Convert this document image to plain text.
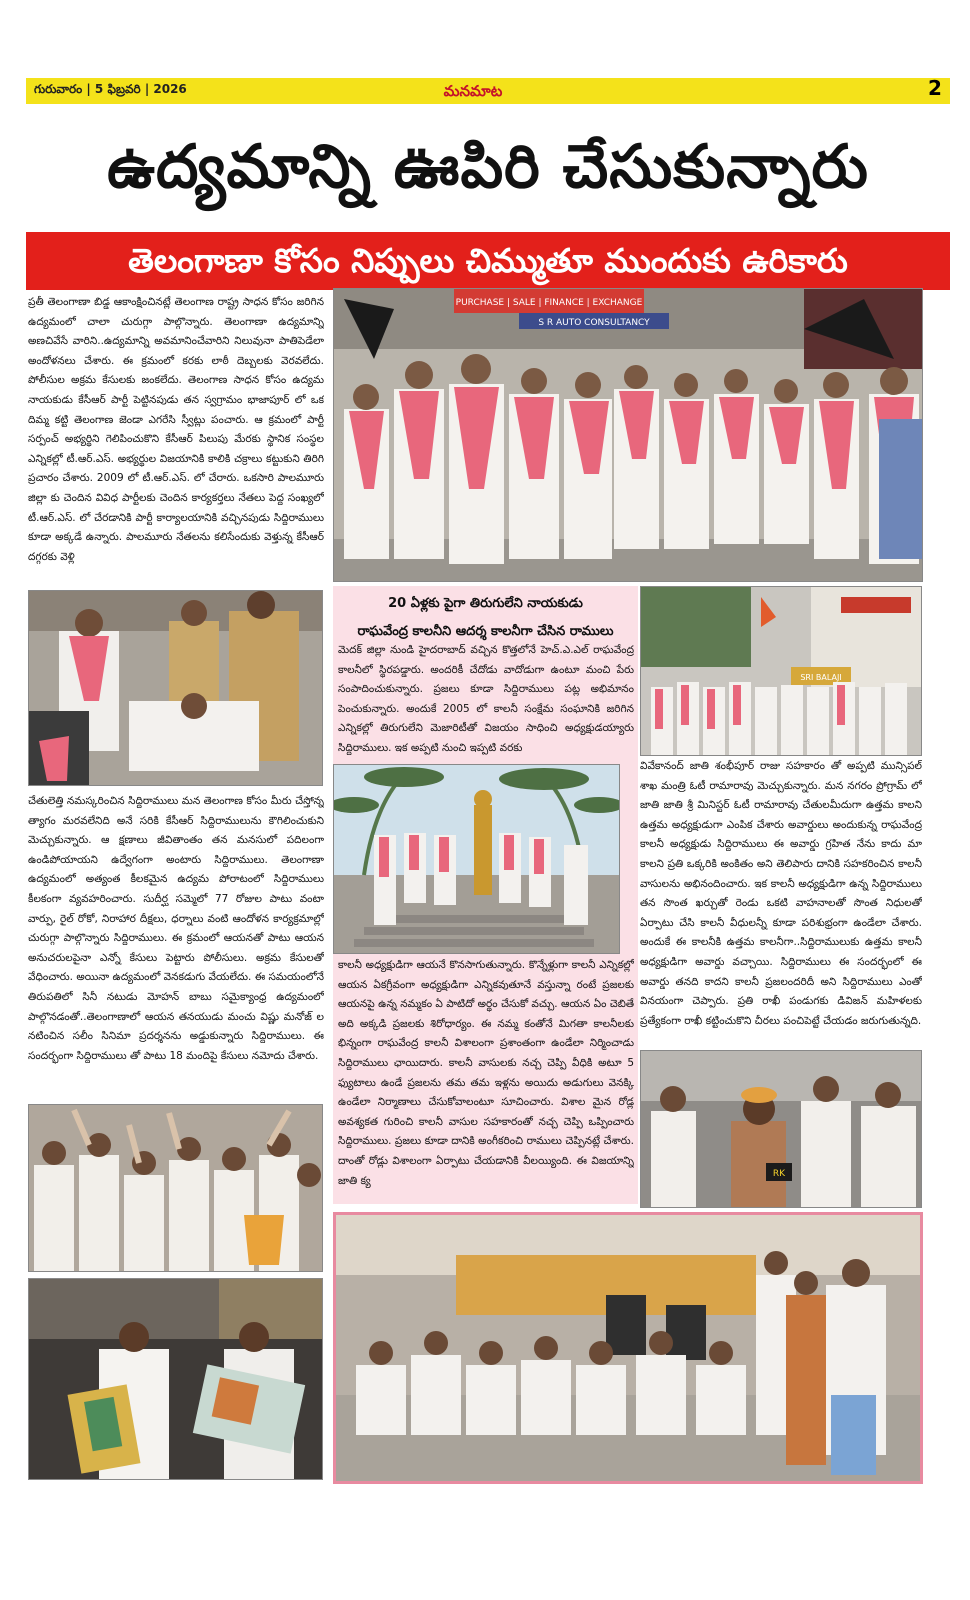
గురువారం | 5 ఫిబ్రవరి | 2026	మనమాట	2
ఉద్యమాన్ని ఊపిరి చేసుకున్నారు
తెలంగాణా కోసం నిప్పులు చిమ్ముతూ ముందుకు ఉరికారు
ప్రతీ తెలంగాణా బిడ్డ ఆకాంక్షించినట్లే తెలంగాణ రాష్ట్ర సాధన కోసం జరిగిన ఉద్యమంలో చాలా చురుగ్గా పాల్గొన్నారు. తెలంగాణా ఉద్యమాన్ని అణచివేసే వారిని..ఉద్యమాన్ని అవమానించేవారిని నిలువునా పాతిపెడేలా అందోళనలు చేశారు. ఈ క్రమంలో కరకు లాఠీ దెబ్బలకు వెరవలేదు. పోలీసుల అక్రమ కేసులకు జంకలేదు. తెలంగాణ సాధన కోసం ఉద్యమ నాయకుడు కేసీఆర్ పార్టీ పెట్టినపుడు తన స్వగ్రామం భాజాపూర్ లో ఒక దిమ్మ కట్టి తెలంగాణ జెండా ఎగరేసి స్వీట్లు పంచారు. ఆ క్రమంలో పార్టీ సర్పంచ్ అభ్యర్థిని గెలిపించుకొని కేసీఆర్ పిలుపు మేరకు స్థానిక సంస్థల ఎన్నికల్లో టీ.ఆర్.ఎస్. అభ్యర్థుల విజయానికి కాలికి చక్రాలు కట్టుకుని తిరిగి ప్రచారం చేశారు. 2009 లో టీ.ఆర్.ఎస్. లో చేరారు. ఒకసారి పాలమూరు జిల్లా కు చెందిన వివిధ పార్టీలకు చెందిన కార్యకర్తలు నేతలు పెద్ద సంఖ్యలో టీ.ఆర్.ఎస్. లో చేరడానికి పార్టీ కార్యాలయానికి వచ్చినపుడు సిద్దిరాములు కూడా అక్కడే ఉన్నారు. పాలమూరు నేతలను కలిసేందుకు వెళ్తున్న కేసీఆర్ దగ్గరకు వెళ్లి
PURCHASE | SALE | FINANCE | EXCHANGE
S R AUTO CONSULTANCY
చేతులెత్తి నమస్కరించిన సిద్దిరాములు మన తెలంగాణ కోసం మీరు చేస్తోన్న త్యాగం మరవలేనిది అనే సరికి కేసీఆర్ సిద్దిరాములును కౌగిలించుకుని మెచ్చుకున్నారు. ఆ క్షణాలు జీవితాంతం తన మనసులో పదిలంగా ఉండిపోయాయని ఉద్వేగంగా అంటారు సిద్దిరాములు. తెలంగాణా ఉద్యమంలో అత్యంత కీలకమైన ఉద్యమ పోరాటంలో సిద్దిరాములు కీలకంగా వ్యవహరించారు. సుదీర్ఘ సమ్మెలో 77 రోజుల పాటు వంటా వార్పు, రైల్ రోకో, నిరాహార దీక్షలు, ధర్నాలు వంటి ఆందోళన కార్యక్రమాల్లో చురుగ్గా పాల్గొన్నారు సిద్దిరాములు. ఈ క్రమంలో ఆయనతో పాటు ఆయన అనుచరులపైనా ఎన్నో కేసులు పెట్టారు పోలీసులు. అక్రమ కేసులతో వేధించారు. అయినా ఉద్యమంలో వెనకడుగు వేయలేదు. ఈ సమయంలోనే తిరుపతిలో సినీ నటుడు మోహన్ బాబు సమైక్యాంధ్ర ఉద్యమంలో పాల్గొనడంతో..తెలంగాణాలో ఆయన తనయుడు మంచు విష్ణు మనోజ్ ల నటించిన సలీం సినిమా ప్రదర్శనను అడ్డుకున్నారు సిద్దిరాములు. ఈ సందర్భంగా సిద్దిరాములు తో పాటు 18 మందిపై కేసులు నమోదు చేశారు.
20 ఏళ్లకు పైగా తిరుగులేని నాయకుడు
రాఘవేంద్ర కాలనీని ఆదర్శ కాలనీగా చేసిన రాములు
మెదక్ జిల్లా నుండి హైదరాబాద్ వచ్చిన కొత్తలోనే హెచ్.ఎ.ఎల్ రాఘవేంద్ర కాలనీలో స్థిరపడ్డారు. అందరికీ చేదోడు వాదోడుగా ఉంటూ మంచి పేరు సంపాదించుకున్నారు. ప్రజలు కూడా సిద్దిరాములు పట్ల అభిమానం పెంచుకున్నారు. అందుకే 2005 లో కాలనీ సంక్షేమ సంఘానికి జరిగిన ఎన్నికల్లో తిరుగులేని మెజారిటీతో విజయం సాధించి అధ్యక్షుడయ్యారు సిద్దిరాములు. ఇక అప్పటి నుంచి ఇప్పటి వరకు
కాలనీ అధ్యక్షుడిగా ఆయనే కొనసాగుతున్నారు. కొన్నేళ్లుగా కాలనీ ఎన్నికల్లో ఆయన ఏకగ్రీవంగా అధ్యక్షుడిగా ఎన్నికవుతూనే వస్తున్నా రంటే ప్రజలకు ఆయనపై ఉన్న నమ్మకం ఏ పాటిదో అర్థం చేసుకో వచ్చు. ఆయన ఏం చెబితే అది అక్కడి ప్రజలకు శిరోధార్యం. ఈ నమ్మ కంతోనే మిగతా కాలనీలకు భిన్నంగా రాఘవేంద్ర కాలనీ విశాలంగా ప్రశాంతంగా ఉండేలా నిర్మించాడు సిద్దిరాములు ఛాయిదారు. కాలనీ వాసులకు నచ్చ చెప్పి వీధికి అటూ 5 ఫ్యుటాలు ఉండే ప్రజలను తమ తమ ఇళ్లను అయిదు అడుగులు వెనక్కి ఉండేలా నిర్మాణాలు చేసుకోవాలంటూ సూచించారు. విశాల మైన రోడ్ల అవశ్యకత గురించి కాలనీ వాసుల సహకారంతో నచ్చ చెప్పి ఒప్పించారు సిద్దిరాములు. ప్రజలు కూడా దానికి అంగీకరించి రాములు చెప్పినట్లే చేశారు. దాంతో రోడ్లు విశాలంగా ఏర్పాటు చేయడానికి వీలయ్యింది. ఈ విజయాన్ని జాతి క్య
SRI BALAJI
వివేకానంద్ జాతి శంభీపూర్ రాజు సహకారం తో అప్పటి మున్సిపల్ శాఖ మంత్రి ఓటీ రామారావు మెచ్చుకున్నారు. మన నగరం ప్రోగ్రామ్ లో జాతి జాతి శ్రీ మినిస్టర్ ఓటీ రామారావు చేతులమీదుగా ఉత్తమ కాలని ఉత్తమ అధ్యక్షుడుగా ఎంపిక చేశారు అవార్డులు అందుకున్న రాఘవేంద్ర కాలనీ అధ్యక్షుడు సిద్దిరాములు ఈ అవార్డు గ్రహిత నేను కాదు మా కాలని ప్రతి ఒక్కరికి అంకితం అని తెలిపారు దానికి సహకరించిన కాలనీ వాసులను అభినందించారు. ఇక కాలనీ అధ్యక్షుడిగా ఉన్న సిద్దిరాములు తన సొంత ఖర్చుతో రెండు ఒకటి వాహనాలతో సొంత నిధులతో ఏర్పాటు చేసి కాలనీ వీధులన్నీ కూడా పరిశుభ్రంగా ఉండేలా చేశారు. అందుకే ఈ కాలనీకి ఉత్తమ కాలనీగా..సిద్దిరాములుకు ఉత్తమ కాలనీ అధ్యక్షుడిగా అవార్డు వచ్చాయి. సిద్దిరాములు ఈ సందర్భంలో ఈ అవార్డు తనది కాదని కాలనీ ప్రజలందరిదీ అని సిద్దిరాములు ఎంతో వినయంగా చెప్పారు. ప్రతి రాఖీ పండుగకు డివిజన్ మహిళలకు ప్రత్యేకంగా రాఖీ కట్టించుకొని చీరలు పంచిపెట్టే చేయడం జరుగుతున్నది.
RK
